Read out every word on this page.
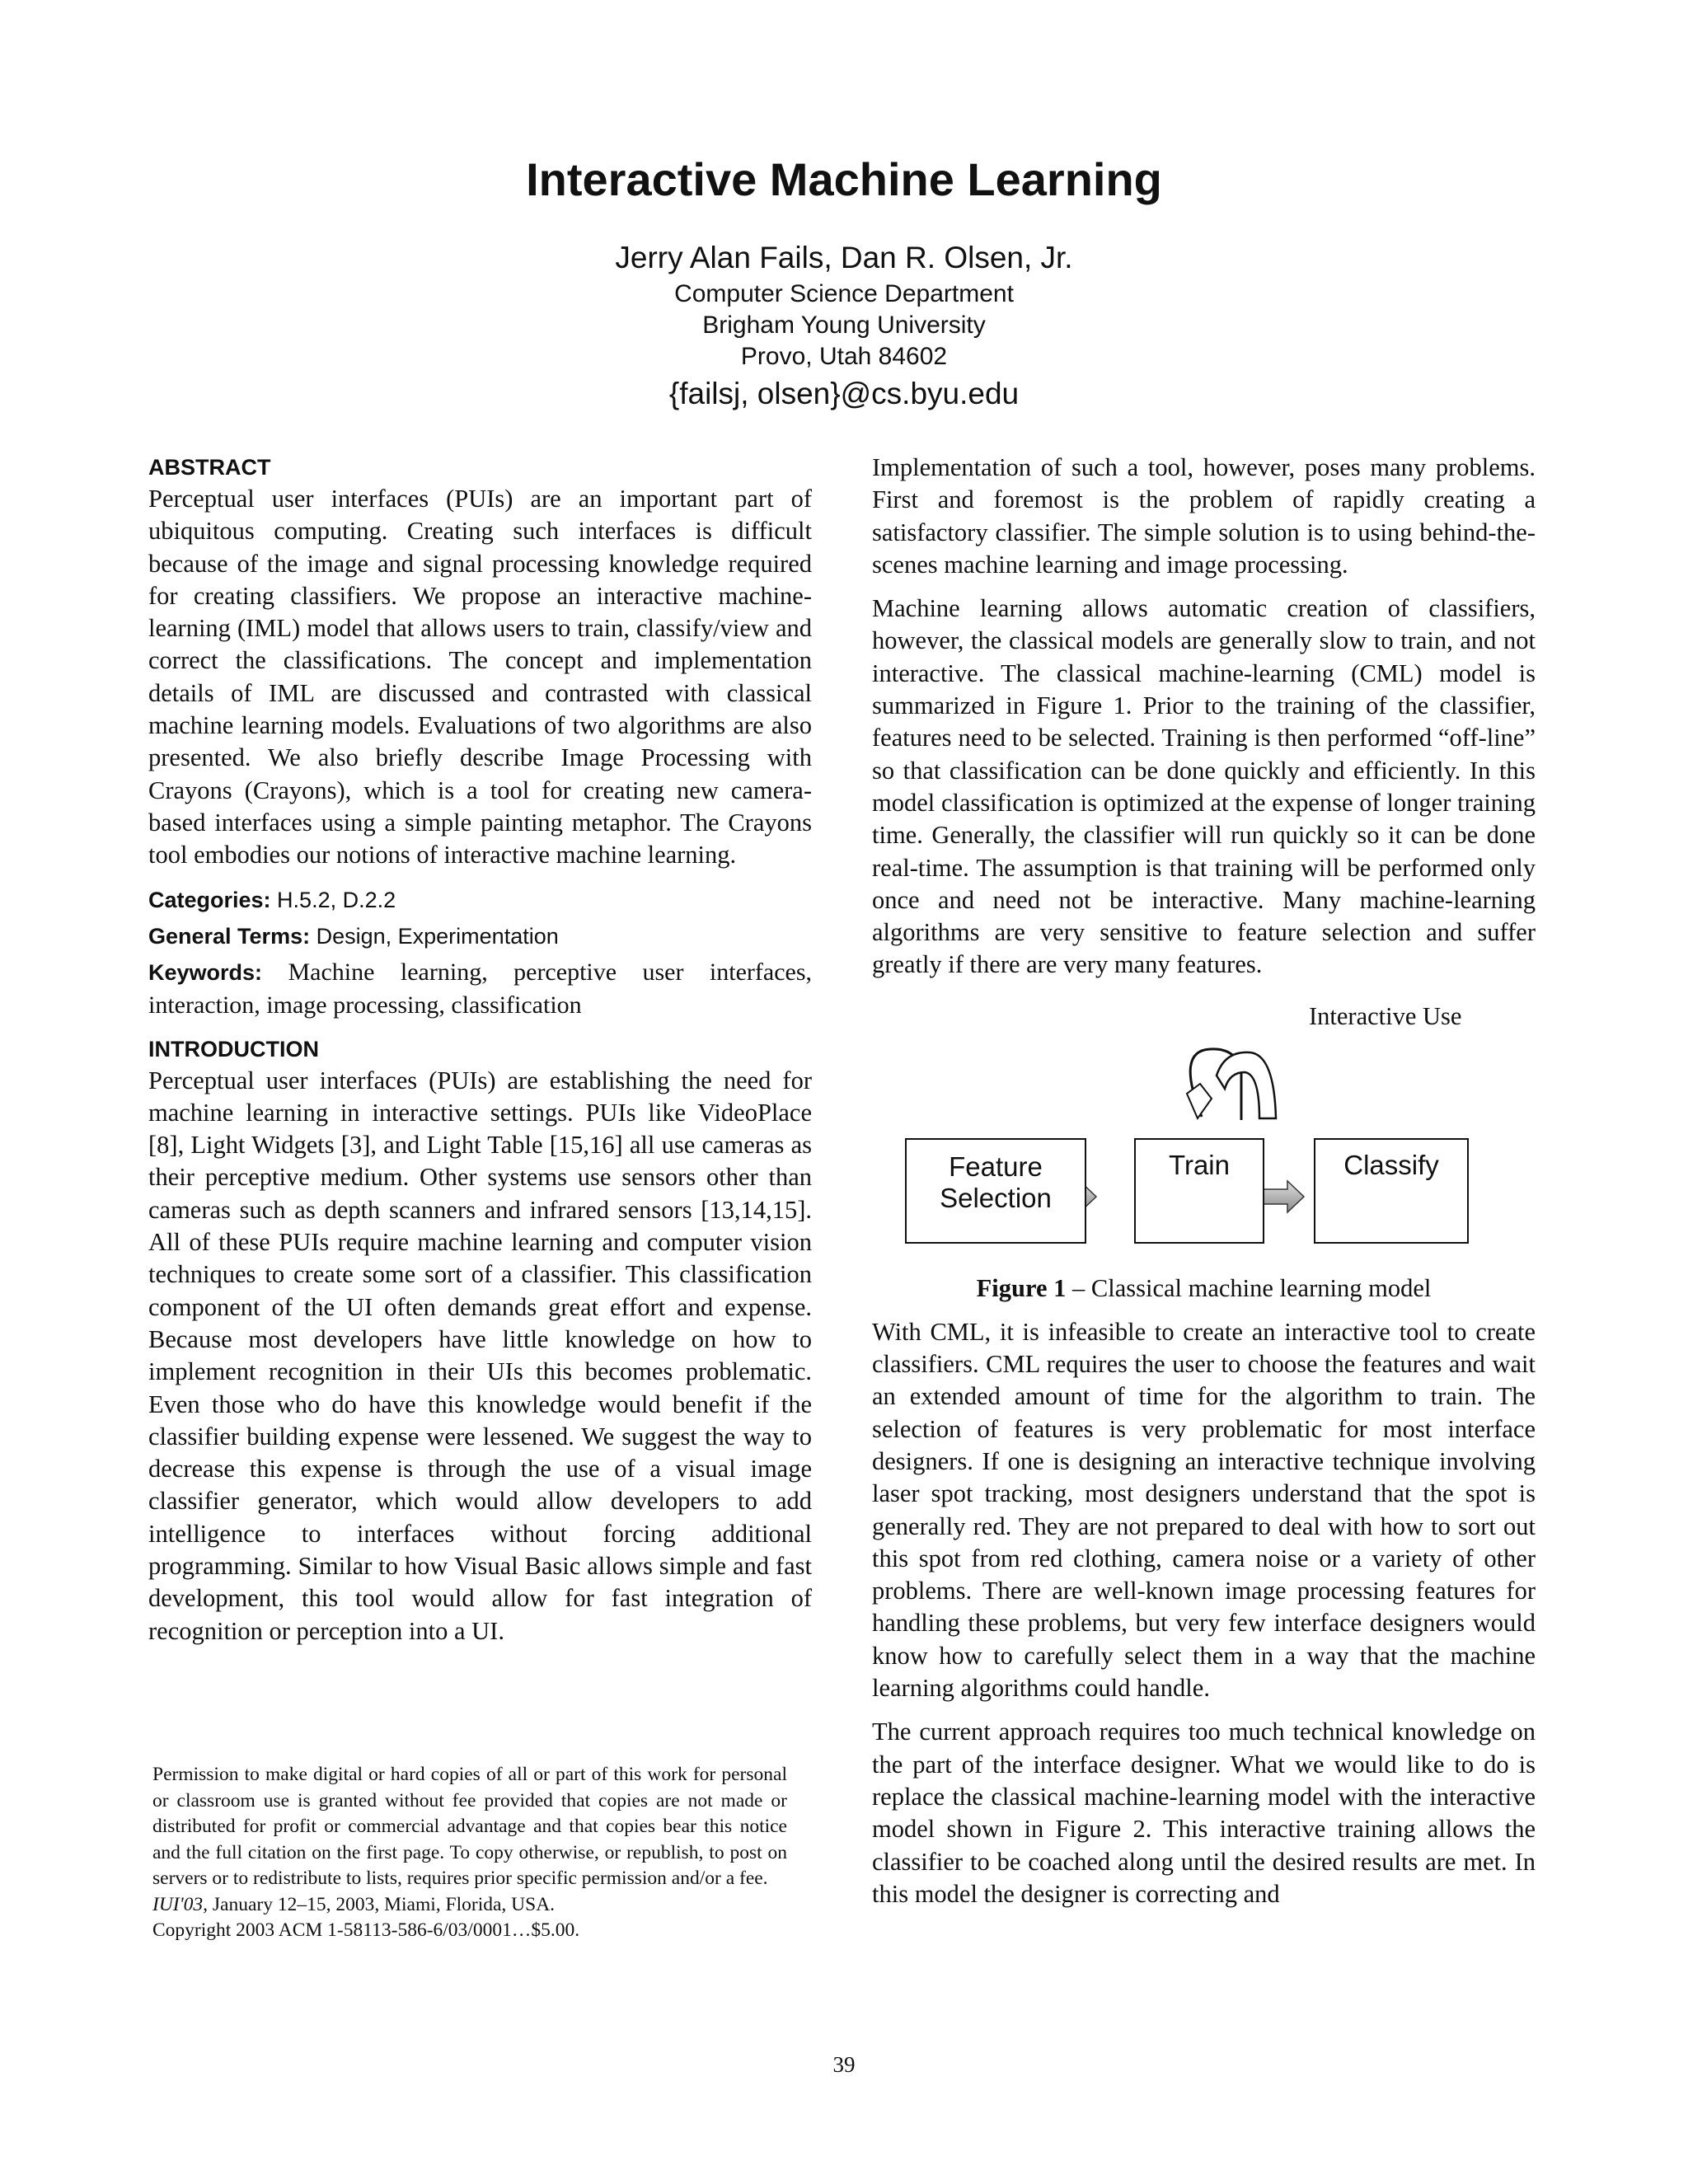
Interactive Machine Learning
Jerry Alan Fails, Dan R. Olsen, Jr.
Computer Science Department
Brigham Young University
Provo, Utah 84602
{failsj, olsen}@cs.byu.edu
ABSTRACT

Perceptual user interfaces (PUIs) are an important part of ubiquitous computing. Creating such interfaces is difficult because of the image and signal processing knowledge required for creating classifiers. We propose an interactive machine-learning (IML) model that allows users to train, classify/view and correct the classifications. The concept and implementation details of IML are discussed and contrasted with classical machine learning models. Evaluations of two algorithms are also presented. We also briefly describe Image Processing with Crayons (Crayons), which is a tool for creating new camera-based interfaces using a simple painting metaphor. The Crayons tool embodies our notions of interactive machine learning.

Categories: H.5.2, D.2.2

General Terms: Design, Experimentation

Keywords: Machine learning, perceptive user interfaces, interaction, image processing, classification

INTRODUCTION

Perceptual user interfaces (PUIs) are establishing the need for machine learning in interactive settings. PUIs like VideoPlace [8], Light Widgets [3], and Light Table [15,16] all use cameras as their perceptive medium. Other systems use sensors other than cameras such as depth scanners and infrared sensors [13,14,15]. All of these PUIs require machine learning and computer vision techniques to create some sort of a classifier. This classification component of the UI often demands great effort and expense. Because most developers have little knowledge on how to implement recognition in their UIs this becomes problematic. Even those who do have this knowledge would benefit if the classifier building expense were lessened. We suggest the way to decrease this expense is through the use of a visual image classifier generator, which would allow developers to add intelligence to interfaces without forcing additional programming. Similar to how Visual Basic allows simple and fast development, this tool would allow for fast integration of recognition or perception into a UI.

Permission to make digital or hard copies of all or part of this work for personal or classroom use is granted without fee provided that copies are not made or distributed for profit or commercial advantage and that copies bear this notice and the full citation on the first page. To copy otherwise, or republish, to post on servers or to redistribute to lists, requires prior specific permission and/or a fee.

IUI'03, January 12–15, 2003, Miami, Florida, USA.

Copyright 2003 ACM 1-58113-586-6/03/0001…$5.00.

Implementation of such a tool, however, poses many problems. First and foremost is the problem of rapidly creating a satisfactory classifier. The simple solution is to using behind-the-scenes machine learning and image processing.

Machine learning allows automatic creation of classifiers, however, the classical models are generally slow to train, and not interactive. The classical machine-learning (CML) model is summarized in Figure 1. Prior to the training of the classifier, features need to be selected. Training is then performed “off-line” so that classification can be done quickly and efficiently. In this model classification is optimized at the expense of longer training time. Generally, the classifier will run quickly so it can be done real-time. The assumption is that training will be performed only once and need not be interactive. Many machine-learning algorithms are very sensitive to feature selection and suffer greatly if there are very many features.

Interactive Use
Feature
Selection
Train	Classify

Figure 1 – Classical machine learning model

With CML, it is infeasible to create an interactive tool to create classifiers. CML requires the user to choose the features and wait an extended amount of time for the algorithm to train. The selection of features is very problematic for most interface designers. If one is designing an interactive technique involving laser spot tracking, most designers understand that the spot is generally red. They are not prepared to deal with how to sort out this spot from red clothing, camera noise or a variety of other problems. There are well-known image processing features for handling these problems, but very few interface designers would know how to carefully select them in a way that the machine learning algorithms could handle.

The current approach requires too much technical knowledge on the part of the interface designer. What we would like to do is replace the classical machine-learning model with the interactive model shown in Figure 2. This interactive training allows the classifier to be coached along until the desired results are met. In this model the designer is correcting and

39
